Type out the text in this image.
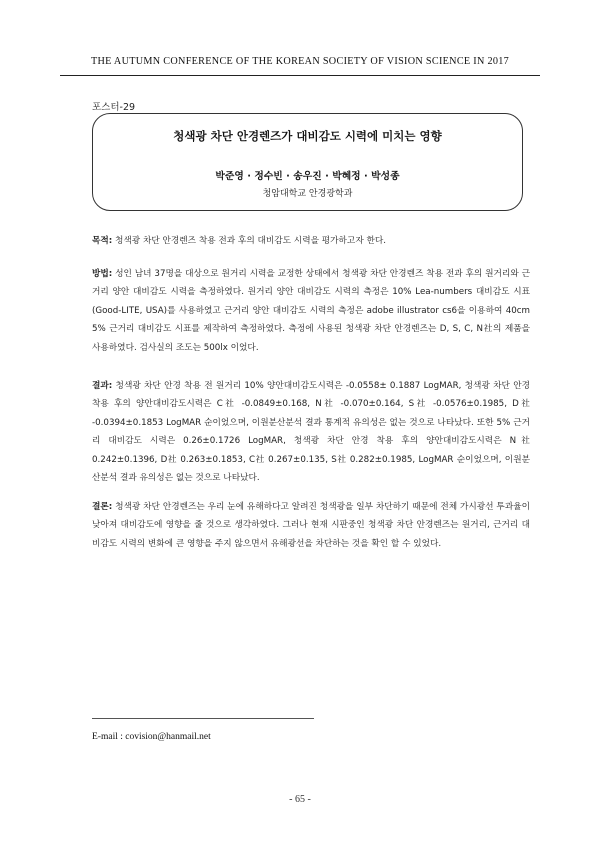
THE AUTUMN CONFERENCE OF THE KOREAN SOCIETY OF VISION SCIENCE IN 2017
포스터-29
청색광 차단 안경렌즈가 대비감도 시력에 미치는 영향
박준영 · 정수빈 · 송우진 · 박혜정 · 박성종
청암대학교 안경광학과
목적: 청색광 차단 안경렌즈 착용 전과 후의 대비감도 시력을 평가하고자 한다.
방법: 성인 남녀 37명을 대상으로 원거리 시력을 교정한 상태에서 청색광 차단 안경렌즈 착용 전과 후의 원거리와 근거리 양안 대비감도 시력을 측정하였다. 원거리 양안 대비감도 시력의 측정은 10% Lea-numbers 대비감도 시표(Good-LITE, USA)를 사용하였고 근거리 양안 대비감도 시력의 측정은 adobe illustrator cs6을 이용하여 40cm 5% 근거리 대비감도 시표를 제작하여 측정하였다. 측정에 사용된 청색광 차단 안경렌즈는 D, S, C, N社의 제품을 사용하였다. 검사실의 조도는 500lx 이었다.
결과: 청색광 차단 안경 착용 전 원거리 10% 양안대비감도시력은 -0.0558± 0.1887 LogMAR, 청색광 차단 안경 착용 후의 양안대비감도시력은 C社 -0.0849±0.168, N社 -0.070±0.164, S社 -0.0576±0.1985, D社 -0.0394±0.1853 LogMAR 순이었으며, 이원분산분석 결과 통계적 유의성은 없는 것으로 나타났다. 또한 5% 근거리 대비감도 시력은 0.26±0.1726 LogMAR, 청색광 차단 안경 착용 후의 양안대비감도시력은 N社 0.242±0.1396, D社 0.263±0.1853, C社 0.267±0.135, S社 0.282±0.1985, LogMAR 순이었으며, 이원분산분석 결과 유의성은 없는 것으로 나타났다.
결론: 청색광 차단 안경렌즈는 우리 눈에 유해하다고 알려진 청색광을 일부 차단하기 때문에 전체 가시광선 투과율이 낮아져 대비감도에 영향을 줄 것으로 생각하였다. 그러나 현재 시판중인 청색광 차단 안경렌즈는 원거리, 근거리 대비감도 시력의 변화에 큰 영향을 주지 않으면서 유해광선을 차단하는 것을 확인 할 수 있었다.
E-mail : covision@hanmail.net
- 65 -
